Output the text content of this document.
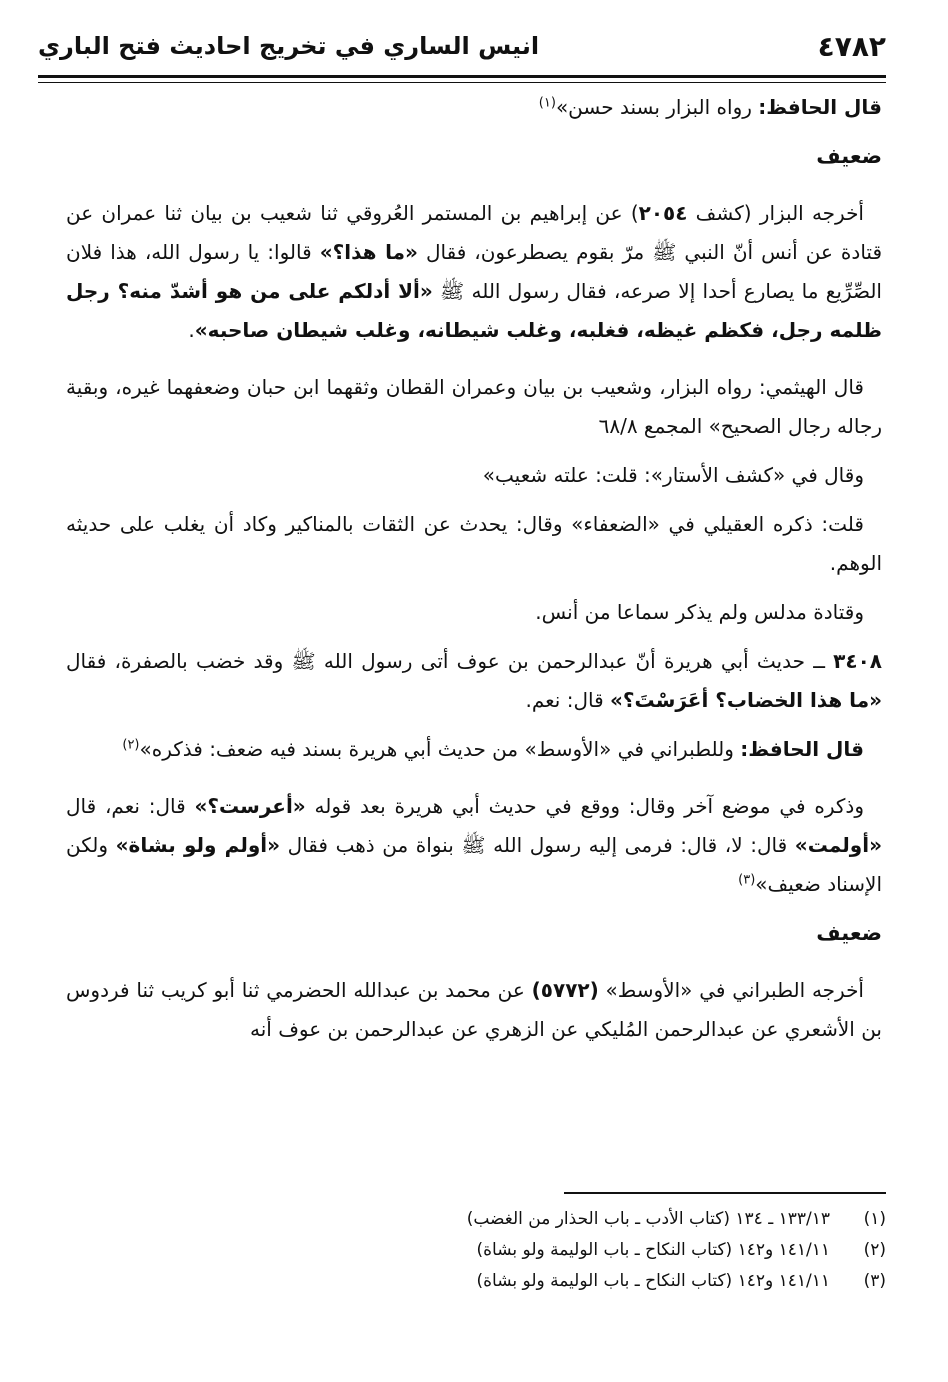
٤٧٨٢
انيس الساري في تخريج احاديث فتح الباري

قال الحافظ: رواه البزار بسند حسن»$^{(١)}$

ضعيف

أخرجه البزار (كشف ٢٠٥٤) عن إبراهيم بن المستمر العُروقي ثنا شعيب بن بيان ثنا عمران عن قتادة عن أنس أنّ النبي ﷺ مرّ بقوم يصطرعون، فقال «ما هذا؟» قالوا: يا رسول الله، هذا فلان الصِّرِّيع ما يصارع أحدا إلا صرعه، فقال رسول الله ﷺ «ألا أدلكم على من هو أشدّ منه؟ رجل ظلمه رجل، فكظم غيظه، فغلبه، وغلب شيطانه، وغلب شيطان صاحبه».

قال الهيثمي: رواه البزار، وشعيب بن بيان وعمران القطان وثقهما ابن حبان وضعفهما غيره، وبقية رجاله رجال الصحيح» المجمع ٦٨/٨

وقال في «كشف الأستار»: قلت: علته شعيب»

قلت: ذكره العقيلي في «الضعفاء» وقال: يحدث عن الثقات بالمناكير وكاد أن يغلب على حديثه الوهم.

وقتادة مدلس ولم يذكر سماعا من أنس.

٣٤٠٨ ــ حديث أبي هريرة أنّ عبدالرحمن بن عوف أتى رسول الله ﷺ وقد خضب بالصفرة، فقال «ما هذا الخضاب؟ أعَرَسْتَ؟» قال: نعم.

قال الحافظ: وللطبراني في «الأوسط» من حديث أبي هريرة بسند فيه ضعف: فذكره»$^{(٢)}$

وذكره في موضع آخر وقال: ووقع في حديث أبي هريرة بعد قوله «أعرست؟» قال: نعم، قال «أولمت» قال: لا، قال: فرمى إليه رسول الله ﷺ بنواة من ذهب فقال «أولم ولو بشاة» ولكن الإسناد ضعيف»$^{(٣)}$

ضعيف

أخرجه الطبراني في «الأوسط» (٥٧٧٢) عن محمد بن عبدالله الحضرمي ثنا أبو كريب ثنا فردوس بن الأشعري عن عبدالرحمن المُليكي عن الزهري عن عبدالرحمن بن عوف أنه

(١)
١٣٣/١٣ ـ ١٣٤ (كتاب الأدب ـ باب الحذار من الغضب)
(٢)
١٤١/١١ و١٤٢ (كتاب النكاح ـ باب الوليمة ولو بشاة)
(٣)
١٤١/١١ و١٤٢ (كتاب النكاح ـ باب الوليمة ولو بشاة)
